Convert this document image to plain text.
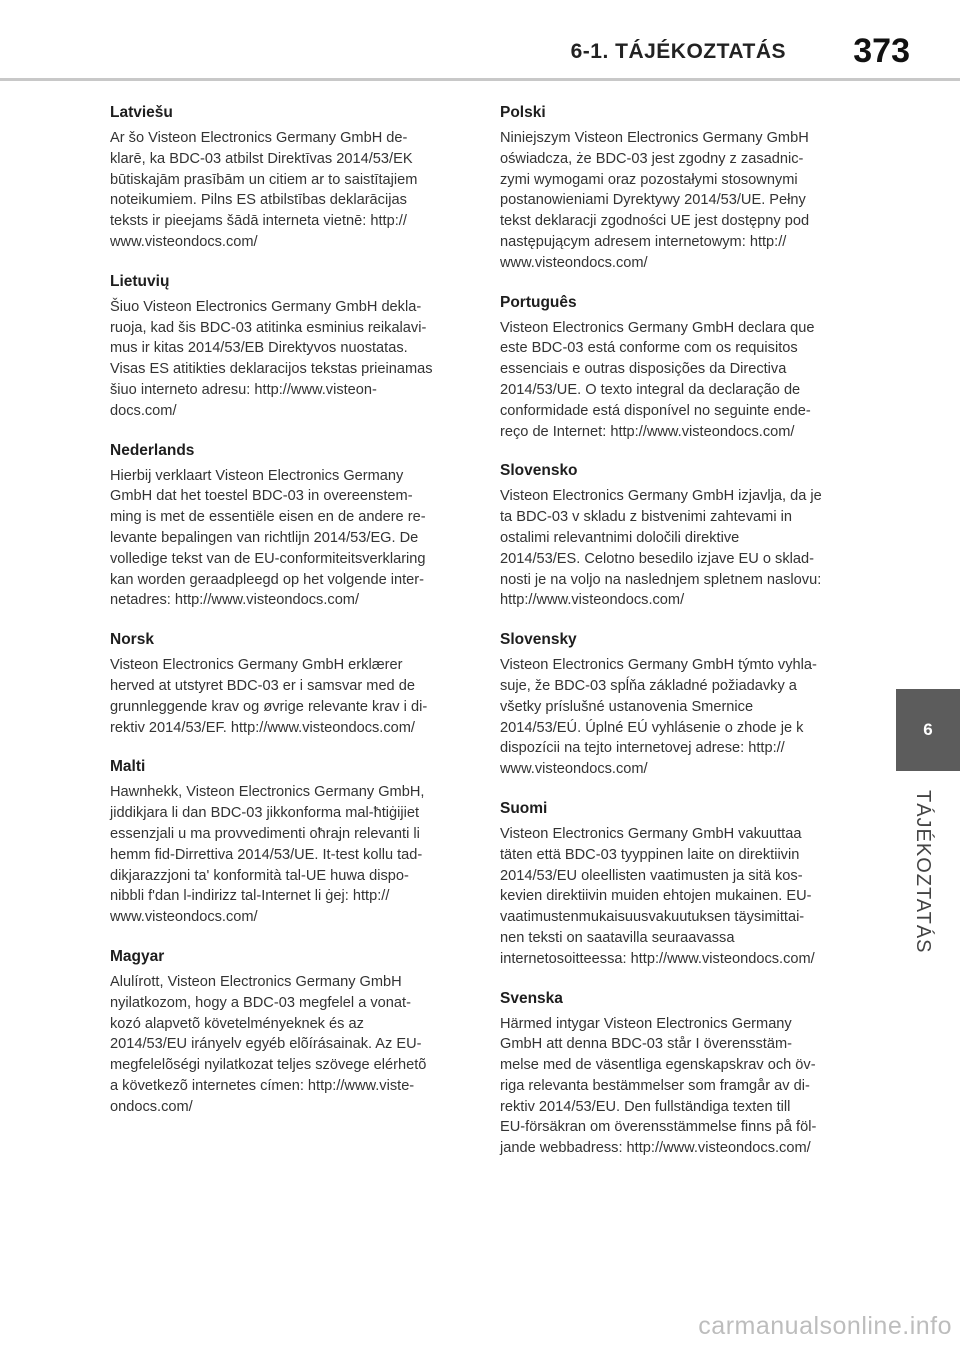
6-1. TÁJÉKOZTATÁS	373
Latviešu
Ar šo Visteon Electronics Germany GmbH de-
klarē, ka BDC-03 atbilst Direktīvas 2014/53/EK
būtiskajām prasībām un citiem ar to saistītajiem
noteikumiem. Pilns ES atbilstības deklarācijas
teksts ir pieejams šādā interneta vietnē: http://
www.visteondocs.com/
Lietuvių
Šiuo Visteon Electronics Germany GmbH dekla-
ruoja, kad šis BDC-03 atitinka esminius reikalavi-
mus ir kitas 2014/53/EB Direktyvos nuostatas.
Visas ES atitikties deklaracijos tekstas prieinamas
šiuo interneto adresu: http://www.visteon-
docs.com/
Nederlands
Hierbij verklaart Visteon Electronics Germany
GmbH dat het toestel BDC-03 in overeenstem-
ming is met de essentiële eisen en de andere re-
levante bepalingen van richtlijn 2014/53/EG. De
volledige tekst van de EU-conformiteitsverklaring
kan worden geraadpleegd op het volgende inter-
netadres: http://www.visteondocs.com/
Norsk
Visteon Electronics Germany GmbH erklærer
herved at utstyret BDC-03 er i samsvar med de
grunnleggende krav og øvrige relevante krav i di-
rektiv 2014/53/EF. http://www.visteondocs.com/
Malti
Hawnhekk, Visteon Electronics Germany GmbH,
jiddikjara li dan BDC-03 jikkonforma mal-ħtiġijiet
essenzjali u ma provvedimenti oħrajn relevanti li
hemm fid-Dirrettiva 2014/53/UE. It-test kollu tad-
dikjarazzjoni ta' konformità tal-UE huwa dispo-
nibbli f'dan l-indirizz tal-Internet li ġej: http://
www.visteondocs.com/
Magyar
Alulírott, Visteon Electronics Germany GmbH
nyilatkozom, hogy a BDC-03 megfelel a vonat-
kozó alapvetõ követelményeknek és az
2014/53/EU irányelv egyéb elõírásainak. Az EU-
megfelelõségi nyilatkozat teljes szövege elérhetõ
a következõ internetes címen: http://www.viste-
ondocs.com/
Polski
Niniejszym Visteon Electronics Germany GmbH
oświadcza, że BDC-03 jest zgodny z zasadnic-
zymi wymogami oraz pozostałymi stosownymi
postanowieniami Dyrektywy 2014/53/UE. Pełny
tekst deklaracji zgodności UE jest dostępny pod
następującym adresem internetowym: http://
www.visteondocs.com/
Português
Visteon Electronics Germany GmbH declara que
este BDC-03 está conforme com os requisitos
essenciais e outras disposições da Directiva
2014/53/UE. O texto integral da declaração de
conformidade está disponível no seguinte ende-
reço de Internet: http://www.visteondocs.com/
Slovensko
Visteon Electronics Germany GmbH izjavlja, da je
ta BDC-03 v skladu z bistvenimi zahtevami in
ostalimi relevantnimi določili direktive
2014/53/ES. Celotno besedilo izjave EU o sklad-
nosti je na voljo na naslednjem spletnem naslovu:
http://www.visteondocs.com/
Slovensky
Visteon Electronics Germany GmbH týmto vyhla-
suje, že BDC-03 spĺňa základné požiadavky a
všetky príslušné ustanovenia Smernice
2014/53/EÚ. Úplné EÚ vyhlásenie o zhode je k
dispozícii na tejto internetovej adrese: http://
www.visteondocs.com/
Suomi
Visteon Electronics Germany GmbH vakuuttaa
täten että BDC-03 tyyppinen laite on direktiivin
2014/53/EU oleellisten vaatimusten ja sitä kos-
kevien direktiivin muiden ehtojen mukainen. EU-
vaatimustenmukaisuusvakuutuksen täysimittai-
nen teksti on saatavilla seuraavassa
internetosoitteessa: http://www.visteondocs.com/
Svenska
Härmed intygar Visteon Electronics Germany
GmbH att denna BDC-03 står I överensstäm-
melse med de väsentliga egenskapskrav och öv-
riga relevanta bestämmelser som framgår av di-
rektiv 2014/53/EU. Den fullständiga texten till
EU-försäkran om överensstämmelse finns på föl-
jande webbadress: http://www.visteondocs.com/
6
TÁJÉKOZTATÁS
carmanualsonline.info
